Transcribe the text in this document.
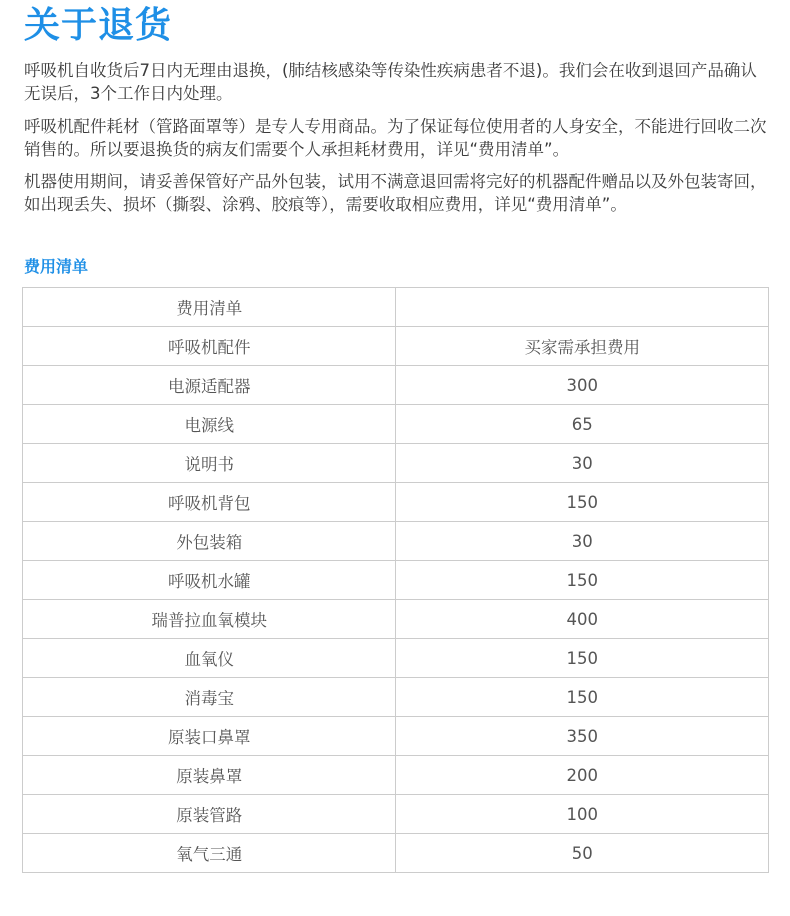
关于退货

呼吸机自收货后7日内无理由退换，(肺结核感染等传染性疾病患者不退)。我们会在收到退回产品确认无误后，3个工作日内处理。

呼吸机配件耗材（管路面罩等）是专人专用商品。为了保证每位使用者的人身安全，不能进行回收二次销售的。所以要退换货的病友们需要个人承担耗材费用，详见“费用清单”。

机器使用期间，请妥善保管好产品外包装，试用不满意退回需将完好的机器配件赠品以及外包装寄回，如出现丢失、损坏（撕裂、涂鸦、胶痕等），需要收取相应费用，详见“费用清单”。

费用清单
费用清单	
呼吸机配件	买家需承担费用
电源适配器	300
电源线	65
说明书	30
呼吸机背包	150
外包装箱	30
呼吸机水罐	150
瑞普拉血氧模块	400
血氧仪	150
消毒宝	150
原装口鼻罩	350
原装鼻罩	200
原装管路	100
氧气三通	50
